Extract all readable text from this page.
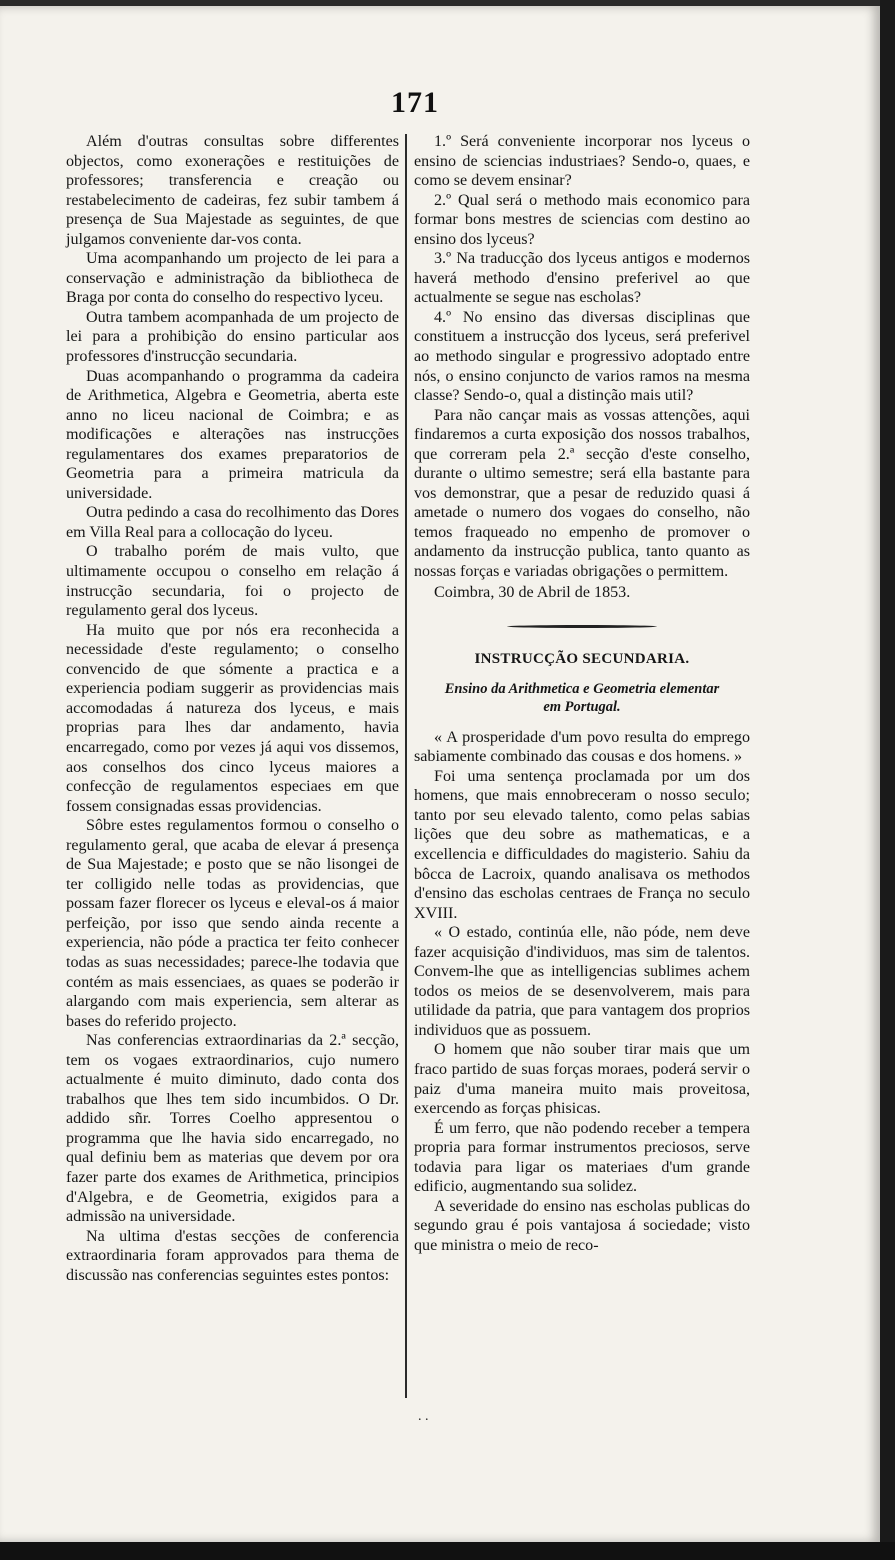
171

Além d'outras consultas sobre differentes objectos, como exonerações e restituições de professores; transferencia e creação ou restabelecimento de cadeiras, fez subir tambem á presença de Sua Majestade as seguintes, de que julgamos conveniente dar-vos conta.

Uma acompanhando um projecto de lei para a conservação e administração da bibliotheca de Braga por conta do conselho do respectivo lyceu.

Outra tambem acompanhada de um projecto de lei para a prohibição do ensino particular aos professores d'instrucção secundaria.

Duas acompanhando o programma da cadeira de Arithmetica, Algebra e Geometria, aberta este anno no liceu nacional de Coimbra; e as modificações e alterações nas instrucções regulamentares dos exames preparatorios de Geometria para a primeira matricula da universidade.

Outra pedindo a casa do recolhimento das Dores em Villa Real para a collocação do lyceu.

O trabalho porém de mais vulto, que ultimamente occupou o conselho em relação á instrucção secundaria, foi o projecto de regulamento geral dos lyceus.

Ha muito que por nós era reconhecida a necessidade d'este regulamento; o conselho convencido de que sómente a practica e a experiencia podiam suggerir as providencias mais accomodadas á natureza dos lyceus, e mais proprias para lhes dar andamento, havia encarregado, como por vezes já aqui vos dissemos, aos conselhos dos cinco lyceus maiores a confecção de regulamentos especiaes em que fossem consignadas essas providencias.

Sôbre estes regulamentos formou o conselho o regulamento geral, que acaba de elevar á presença de Sua Majestade; e posto que se não lisongei de ter colligido nelle todas as providencias, que possam fazer florecer os lyceus e eleval-os á maior perfeição, por isso que sendo ainda recente a experiencia, não póde a practica ter feito conhecer todas as suas necessidades; parece-lhe todavia que contém as mais essenciaes, as quaes se poderão ir alargando com mais experiencia, sem alterar as bases do referido projecto.

Nas conferencias extraordinarias da 2.ª secção, tem os vogaes extraordinarios, cujo numero actualmente é muito diminuto, dado conta dos trabalhos que lhes tem sido incumbidos. O Dr. addido sñr. Torres Coelho appresentou o programma que lhe havia sido encarregado, no qual definiu bem as materias que devem por ora fazer parte dos exames de Arithmetica, principios d'Algebra, e de Geometria, exigidos para a admissão na universidade.

Na ultima d'estas secções de conferencia extraordinaria foram approvados para thema de discussão nas conferencias seguintes estes pontos:

1.º Será conveniente incorporar nos lyceus o ensino de sciencias industriaes? Sendo-o, quaes, e como se devem ensinar?

2.º Qual será o methodo mais economico para formar bons mestres de sciencias com destino ao ensino dos lyceus?

3.º Na traducção dos lyceus antigos e modernos haverá methodo d'ensino preferivel ao que actualmente se segue nas escholas?

4.º No ensino das diversas disciplinas que constituem a instrucção dos lyceus, será preferivel ao methodo singular e progressivo adoptado entre nós, o ensino conjuncto de varios ramos na mesma classe? Sendo-o, qual a distinção mais util?

Para não cançar mais as vossas attenções, aqui findaremos a curta exposição dos nossos trabalhos, que correram pela 2.ª secção d'este conselho, durante o ultimo semestre; será ella bastante para vos demonstrar, que a pesar de reduzido quasi á ametade o numero dos vogaes do conselho, não temos fraqueado no empenho de promover o andamento da instrucção publica, tanto quanto as nossas forças e variadas obrigações o permittem.

Coimbra, 30 de Abril de 1853.

INSTRUCÇÃO SECUNDARIA.

Ensino da Arithmetica e Geometria elementar em Portugal.

« A prosperidade d'um povo resulta do emprego sabiamente combinado das cousas e dos homens. »

Foi uma sentença proclamada por um dos homens, que mais ennobreceram o nosso seculo; tanto por seu elevado talento, como pelas sabias lições que deu sobre as mathematicas, e a excellencia e difficuldades do magisterio. Sahiu da bôcca de Lacroix, quando analisava os methodos d'ensino das escholas centraes de França no seculo XVIII.

« O estado, continúa elle, não póde, nem deve fazer acquisição d'individuos, mas sim de talentos. Convem-lhe que as intelligencias sublimes achem todos os meios de se desenvolverem, mais para utilidade da patria, que para vantagem dos proprios individuos que as possuem.

O homem que não souber tirar mais que um fraco partido de suas forças moraes, poderá servir o paiz d'uma maneira muito mais proveitosa, exercendo as forças phisicas.

É um ferro, que não podendo receber a tempera propria para formar instrumentos preciosos, serve todavia para ligar os materiaes d'um grande edificio, augmentando sua solidez.

A severidade do ensino nas escholas publicas do segundo grau é pois vantajosa á sociedade; visto que ministra o meio de reco-

. .
